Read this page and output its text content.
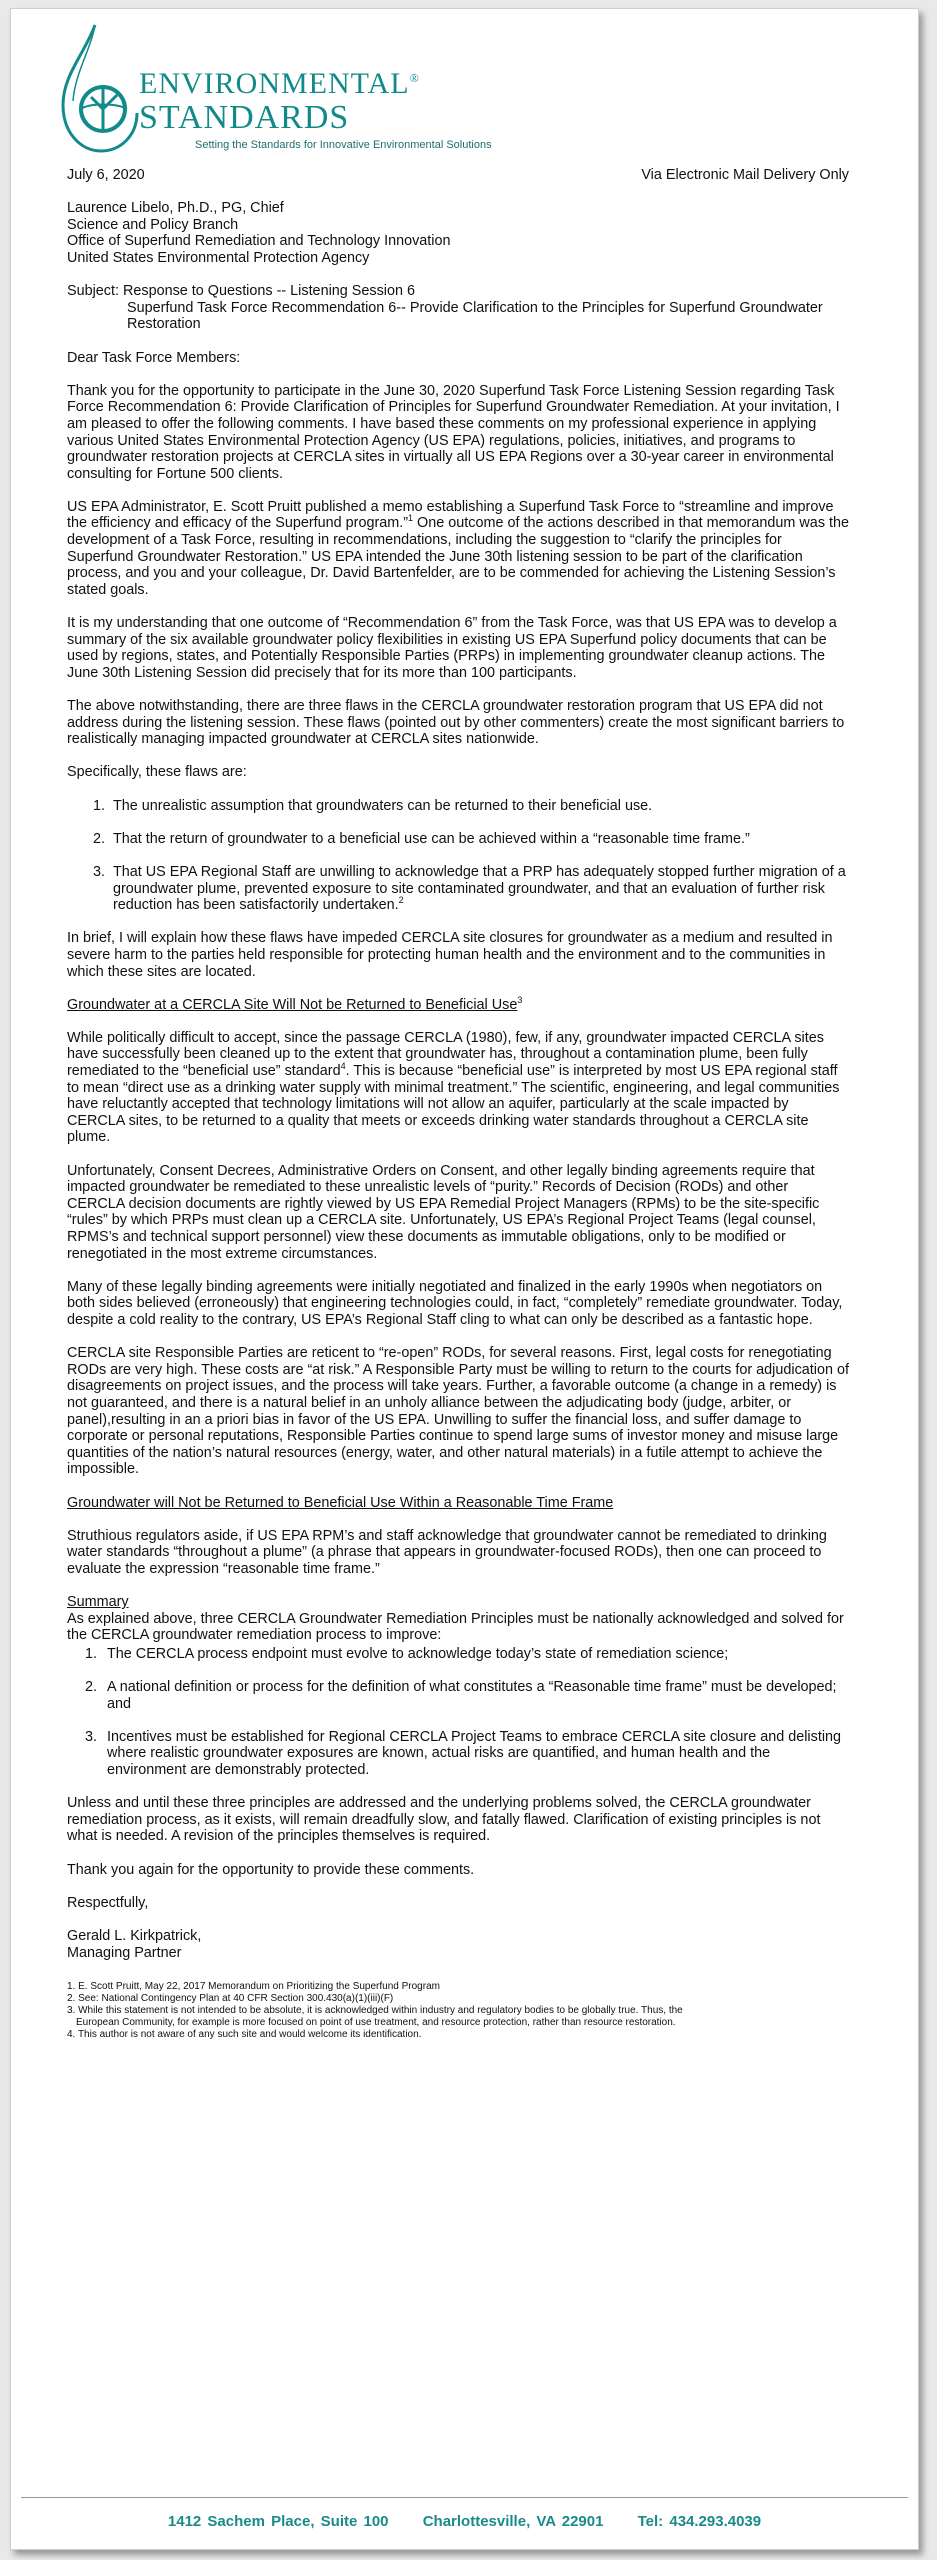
ENVIRONMENTAL®
STANDARDS
Setting the Standards for Innovative Environmental Solutions
July 6, 2020	Via Electronic Mail Delivery Only
Laurence Libelo, Ph.D., PG, Chief
Science and Policy Branch
Office of Superfund Remediation and Technology Innovation
United States Environmental Protection Agency
Subject: Response to Questions -- Listening Session 6
Superfund Task Force Recommendation 6-- Provide Clarification to the Principles for Superfund Groundwater Restoration

Dear Task Force Members:

Thank you for the opportunity to participate in the June 30, 2020 Superfund Task Force Listening Session regarding Task Force Recommendation 6: Provide Clarification of Principles for Superfund Groundwater Remediation. At your invitation, I am pleased to offer the following comments. I have based these comments on my professional experience in applying various United States Environmental Protection Agency (US EPA) regulations, policies, initiatives, and programs to groundwater restoration projects at CERCLA sites in virtually all US EPA Regions over a 30-year career in environmental consulting for Fortune 500 clients.

US EPA Administrator, E. Scott Pruitt published a memo establishing a Superfund Task Force to “streamline and improve the efficiency and efficacy of the Superfund program.”$^1$ One outcome of the actions described in that memorandum was the development of a Task Force, resulting in recommendations, including the suggestion to “clarify the principles for Superfund Groundwater Restoration.” US EPA intended the June 30th listening session to be part of the clarification process, and you and your colleague, Dr. David Bartenfelder, are to be commended for achieving the Listening Session’s stated goals.

It is my understanding that one outcome of “Recommendation 6” from the Task Force, was that US EPA was to develop a summary of the six available groundwater policy flexibilities in existing US EPA Superfund policy documents that can be used by regions, states, and Potentially Responsible Parties (PRPs) in implementing groundwater cleanup actions. The June 30th Listening Session did precisely that for its more than 100 participants.

The above notwithstanding, there are three flaws in the CERCLA groundwater restoration program that US EPA did not address during the listening session. These flaws (pointed out by other commenters) create the most significant barriers to realistically managing impacted groundwater at CERCLA sites nationwide.

Specifically, these flaws are:

1. The unrealistic assumption that groundwaters can be returned to their beneficial use.
2. That the return of groundwater to a beneficial use can be achieved within a “reasonable time frame.”
3. That US EPA Regional Staff are unwilling to acknowledge that a PRP has adequately stopped further migration of a groundwater plume, prevented exposure to site contaminated groundwater, and that an evaluation of further risk reduction has been satisfactorily undertaken.$^2$

In brief, I will explain how these flaws have impeded CERCLA site closures for groundwater as a medium and resulted in severe harm to the parties held responsible for protecting human health and the environment and to the communities in which these sites are located.

Groundwater at a CERCLA Site Will Not be Returned to Beneficial Use$^3$

While politically difficult to accept, since the passage CERCLA (1980), few, if any, groundwater impacted CERCLA sites have successfully been cleaned up to the extent that groundwater has, throughout a contamination plume, been fully remediated to the “beneficial use” standard$^4$. This is because “beneficial use” is interpreted by most US EPA regional staff to mean “direct use as a drinking water supply with minimal treatment.” The scientific, engineering, and legal communities have reluctantly accepted that technology limitations will not allow an aquifer, particularly at the scale impacted by CERCLA sites, to be returned to a quality that meets or exceeds drinking water standards throughout a CERCLA site plume.

Unfortunately, Consent Decrees, Administrative Orders on Consent, and other legally binding agreements require that impacted groundwater be remediated to these unrealistic levels of “purity.” Records of Decision (RODs) and other CERCLA decision documents are rightly viewed by US EPA Remedial Project Managers (RPMs) to be the site-specific “rules” by which PRPs must clean up a CERCLA site. Unfortunately, US EPA’s Regional Project Teams (legal counsel, RPMS’s and technical support personnel) view these documents as immutable obligations, only to be modified or renegotiated in the most extreme circumstances.

Many of these legally binding agreements were initially negotiated and finalized in the early 1990s when negotiators on both sides believed (erroneously) that engineering technologies could, in fact, “completely” remediate groundwater. Today, despite a cold reality to the contrary, US EPA’s Regional Staff cling to what can only be described as a fantastic hope.

CERCLA site Responsible Parties are reticent to “re-open” RODs, for several reasons. First, legal costs for renegotiating RODs are very high. These costs are “at risk.” A Responsible Party must be willing to return to the courts for adjudication of disagreements on project issues, and the process will take years. Further, a favorable outcome (a change in a remedy) is not guaranteed, and there is a natural belief in an unholy alliance between the adjudicating body (judge, arbiter, or panel),resulting in an a priori bias in favor of the US EPA. Unwilling to suffer the financial loss, and suffer damage to corporate or personal reputations, Responsible Parties continue to spend large sums of investor money and misuse large quantities of the nation’s natural resources (energy, water, and other natural materials) in a futile attempt to achieve the impossible.

Groundwater will Not be Returned to Beneficial Use Within a Reasonable Time Frame

Struthious regulators aside, if US EPA RPM’s and staff acknowledge that groundwater cannot be remediated to drinking water standards “throughout a plume” (a phrase that appears in groundwater-focused RODs), then one can proceed to evaluate the expression “reasonable time frame.”

Summary

As explained above, three CERCLA Groundwater Remediation Principles must be nationally acknowledged and solved for the CERCLA groundwater remediation process to improve:
1. The CERCLA process endpoint must evolve to acknowledge today’s state of remediation science;
2. A national definition or process for the definition of what constitutes a “Reasonable time frame” must be developed; and
3. Incentives must be established for Regional CERCLA Project Teams to embrace CERCLA site closure and delisting where realistic groundwater exposures are known, actual risks are quantified, and human health and the environment are demonstrably protected.

Unless and until these three principles are addressed and the underlying problems solved, the CERCLA groundwater remediation process, as it exists, will remain dreadfully slow, and fatally flawed. Clarification of existing principles is not what is needed. A revision of the principles themselves is required.

Thank you again for the opportunity to provide these comments.

Respectfully,

Gerald L. Kirkpatrick,
Managing Partner

1. E. Scott Pruitt, May 22, 2017 Memorandum on Prioritizing the Superfund Program
2. See: National Contingency Plan at 40 CFR Section 300.430(a)(1)(iii)(F)
3. While this statement is not intended to be absolute, it is acknowledged within industry and regulatory bodies to be globally true. Thus, the
European Community, for example is more focused on point of use treatment, and resource protection, rather than resource restoration.
4. This author is not aware of any such site and would welcome its identification.
1412 Sachem Place, Suite 100 Charlottesville, VA 22901 Tel: 434.293.4039
